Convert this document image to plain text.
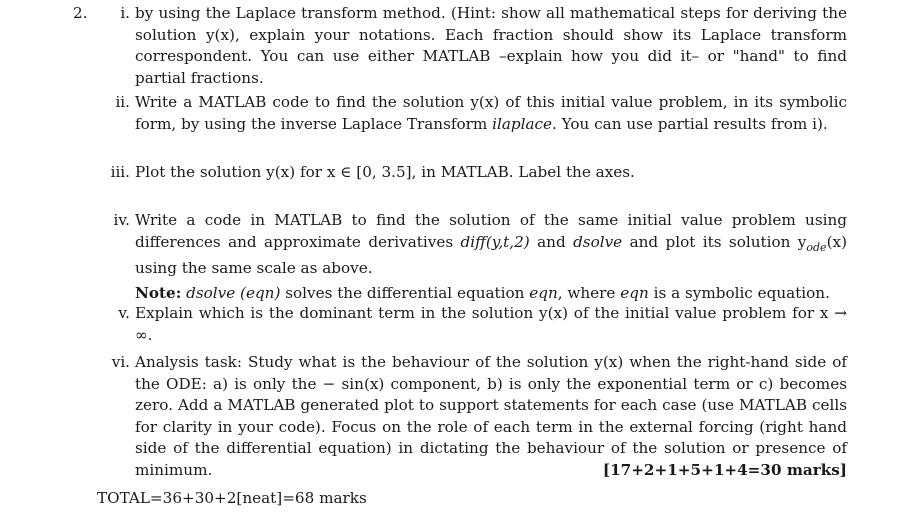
2. i. by using the Laplace transform method. (Hint: show all mathematical steps for deriving the solution y(x), explain your notations. Each fraction should show its Laplace transform correspondent. You can use either MATLAB –explain how you did it– or "hand" to find partial fractions.

ii. Write a MATLAB code to find the solution y(x) of this initial value problem, in its symbolic form, by using the inverse Laplace Transform ilaplace. You can use partial results from i).

iii. Plot the solution y(x) for x ∈ [0, 3.5], in MATLAB. Label the axes.

iv. Write a code in MATLAB to find the solution of the same initial value problem using differences and approximate derivatives diff(y,t,2) and dsolve and plot its solution $y_{ode}(x)$ using the same scale as above.

Note: dsolve (eqn) solves the differential equation eqn, where eqn is a symbolic equation.

v. Explain which is the dominant term in the solution y(x) of the initial value problem for x → ∞.

vi. Analysis task: Study what is the behaviour of the solution y(x) when the right-hand side of the ODE: a) is only the − sin(x) component, b) is only the exponential term or c) becomes zero. Add a MATLAB generated plot to support statements for each case (use MATLAB cells for clarity in your code). Focus on the role of each term in the external forcing (right hand side of the differential equation) in dictating the behaviour of the solution or presence of minimum.	[17+2+1+5+1+4=30 marks]
TOTAL=36+30+2[neat]=68 marks
